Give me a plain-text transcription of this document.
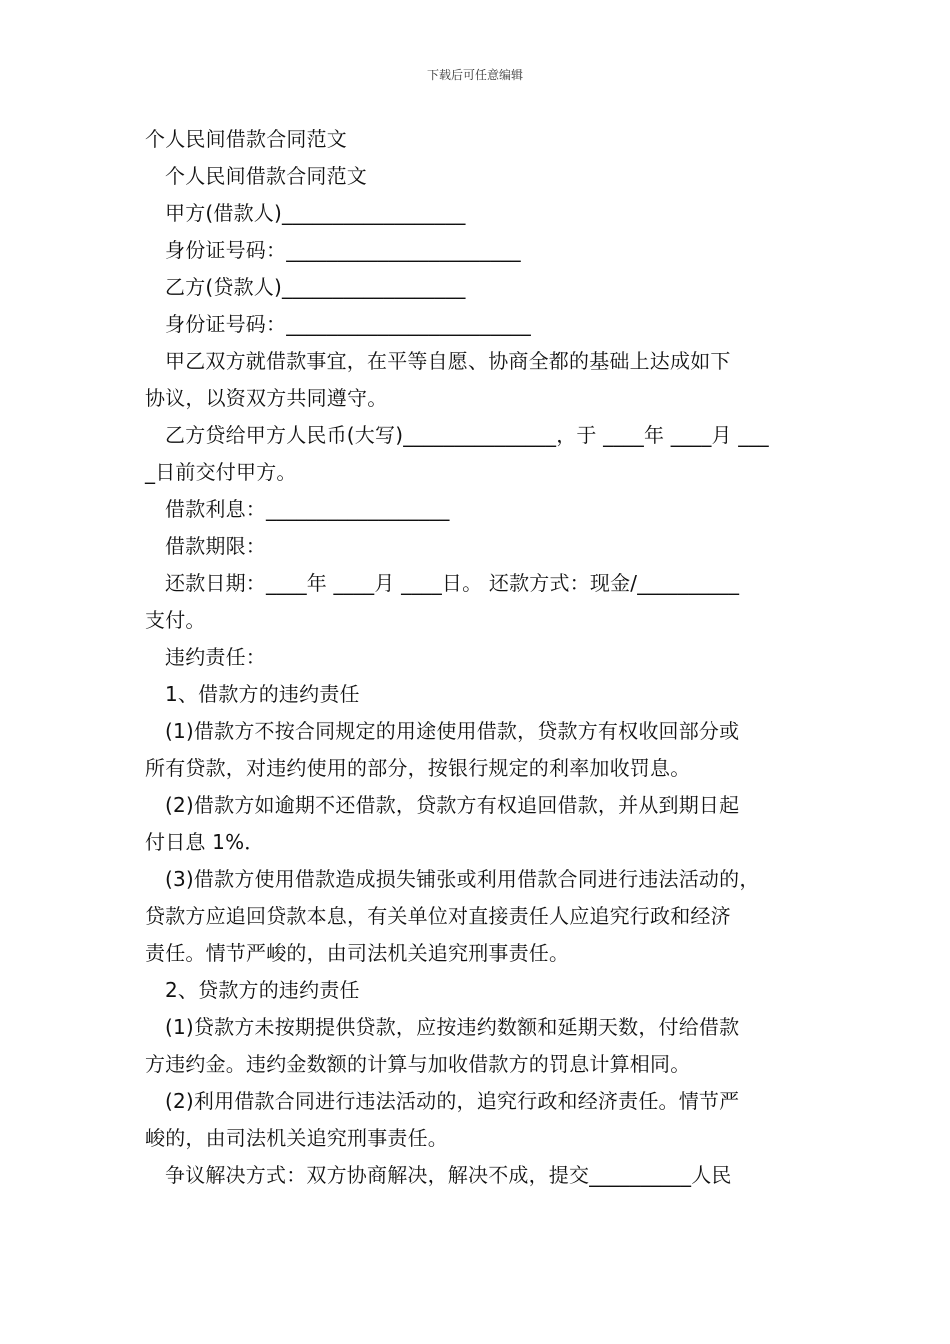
下载后可任意编辑
个人民间借款合同范文
个人民间借款合同范文
甲方(借款人)__________________
身份证号码：_______________________
乙方(贷款人)__________________
身份证号码：________________________
甲乙双方就借款事宜，在平等自愿、协商全都的基础上达成如下
协议，以资双方共同遵守。
乙方贷给甲方人民币(大写)_______________，于 ____年 ____月 ___
_日前交付甲方。
借款利息：__________________
借款期限：
还款日期：____年 ____月 ____日。 还款方式：现金/__________
支付。
违约责任：
1、借款方的违约责任
(1)借款方不按合同规定的用途使用借款，贷款方有权收回部分或
所有贷款，对违约使用的部分，按银行规定的利率加收罚息。
(2)借款方如逾期不还借款，贷款方有权追回借款，并从到期日起
付日息 1%．
(3)借款方使用借款造成损失铺张或利用借款合同进行违法活动的，
贷款方应追回贷款本息，有关单位对直接责任人应追究行政和经济
责任。情节严峻的，由司法机关追究刑事责任。
2、贷款方的违约责任
(1)贷款方未按期提供贷款，应按违约数额和延期天数，付给借款
方违约金。违约金数额的计算与加收借款方的罚息计算相同。
(2)利用借款合同进行违法活动的，追究行政和经济责任。情节严
峻的，由司法机关追究刑事责任。
争议解决方式：双方协商解决，解决不成，提交__________人民
